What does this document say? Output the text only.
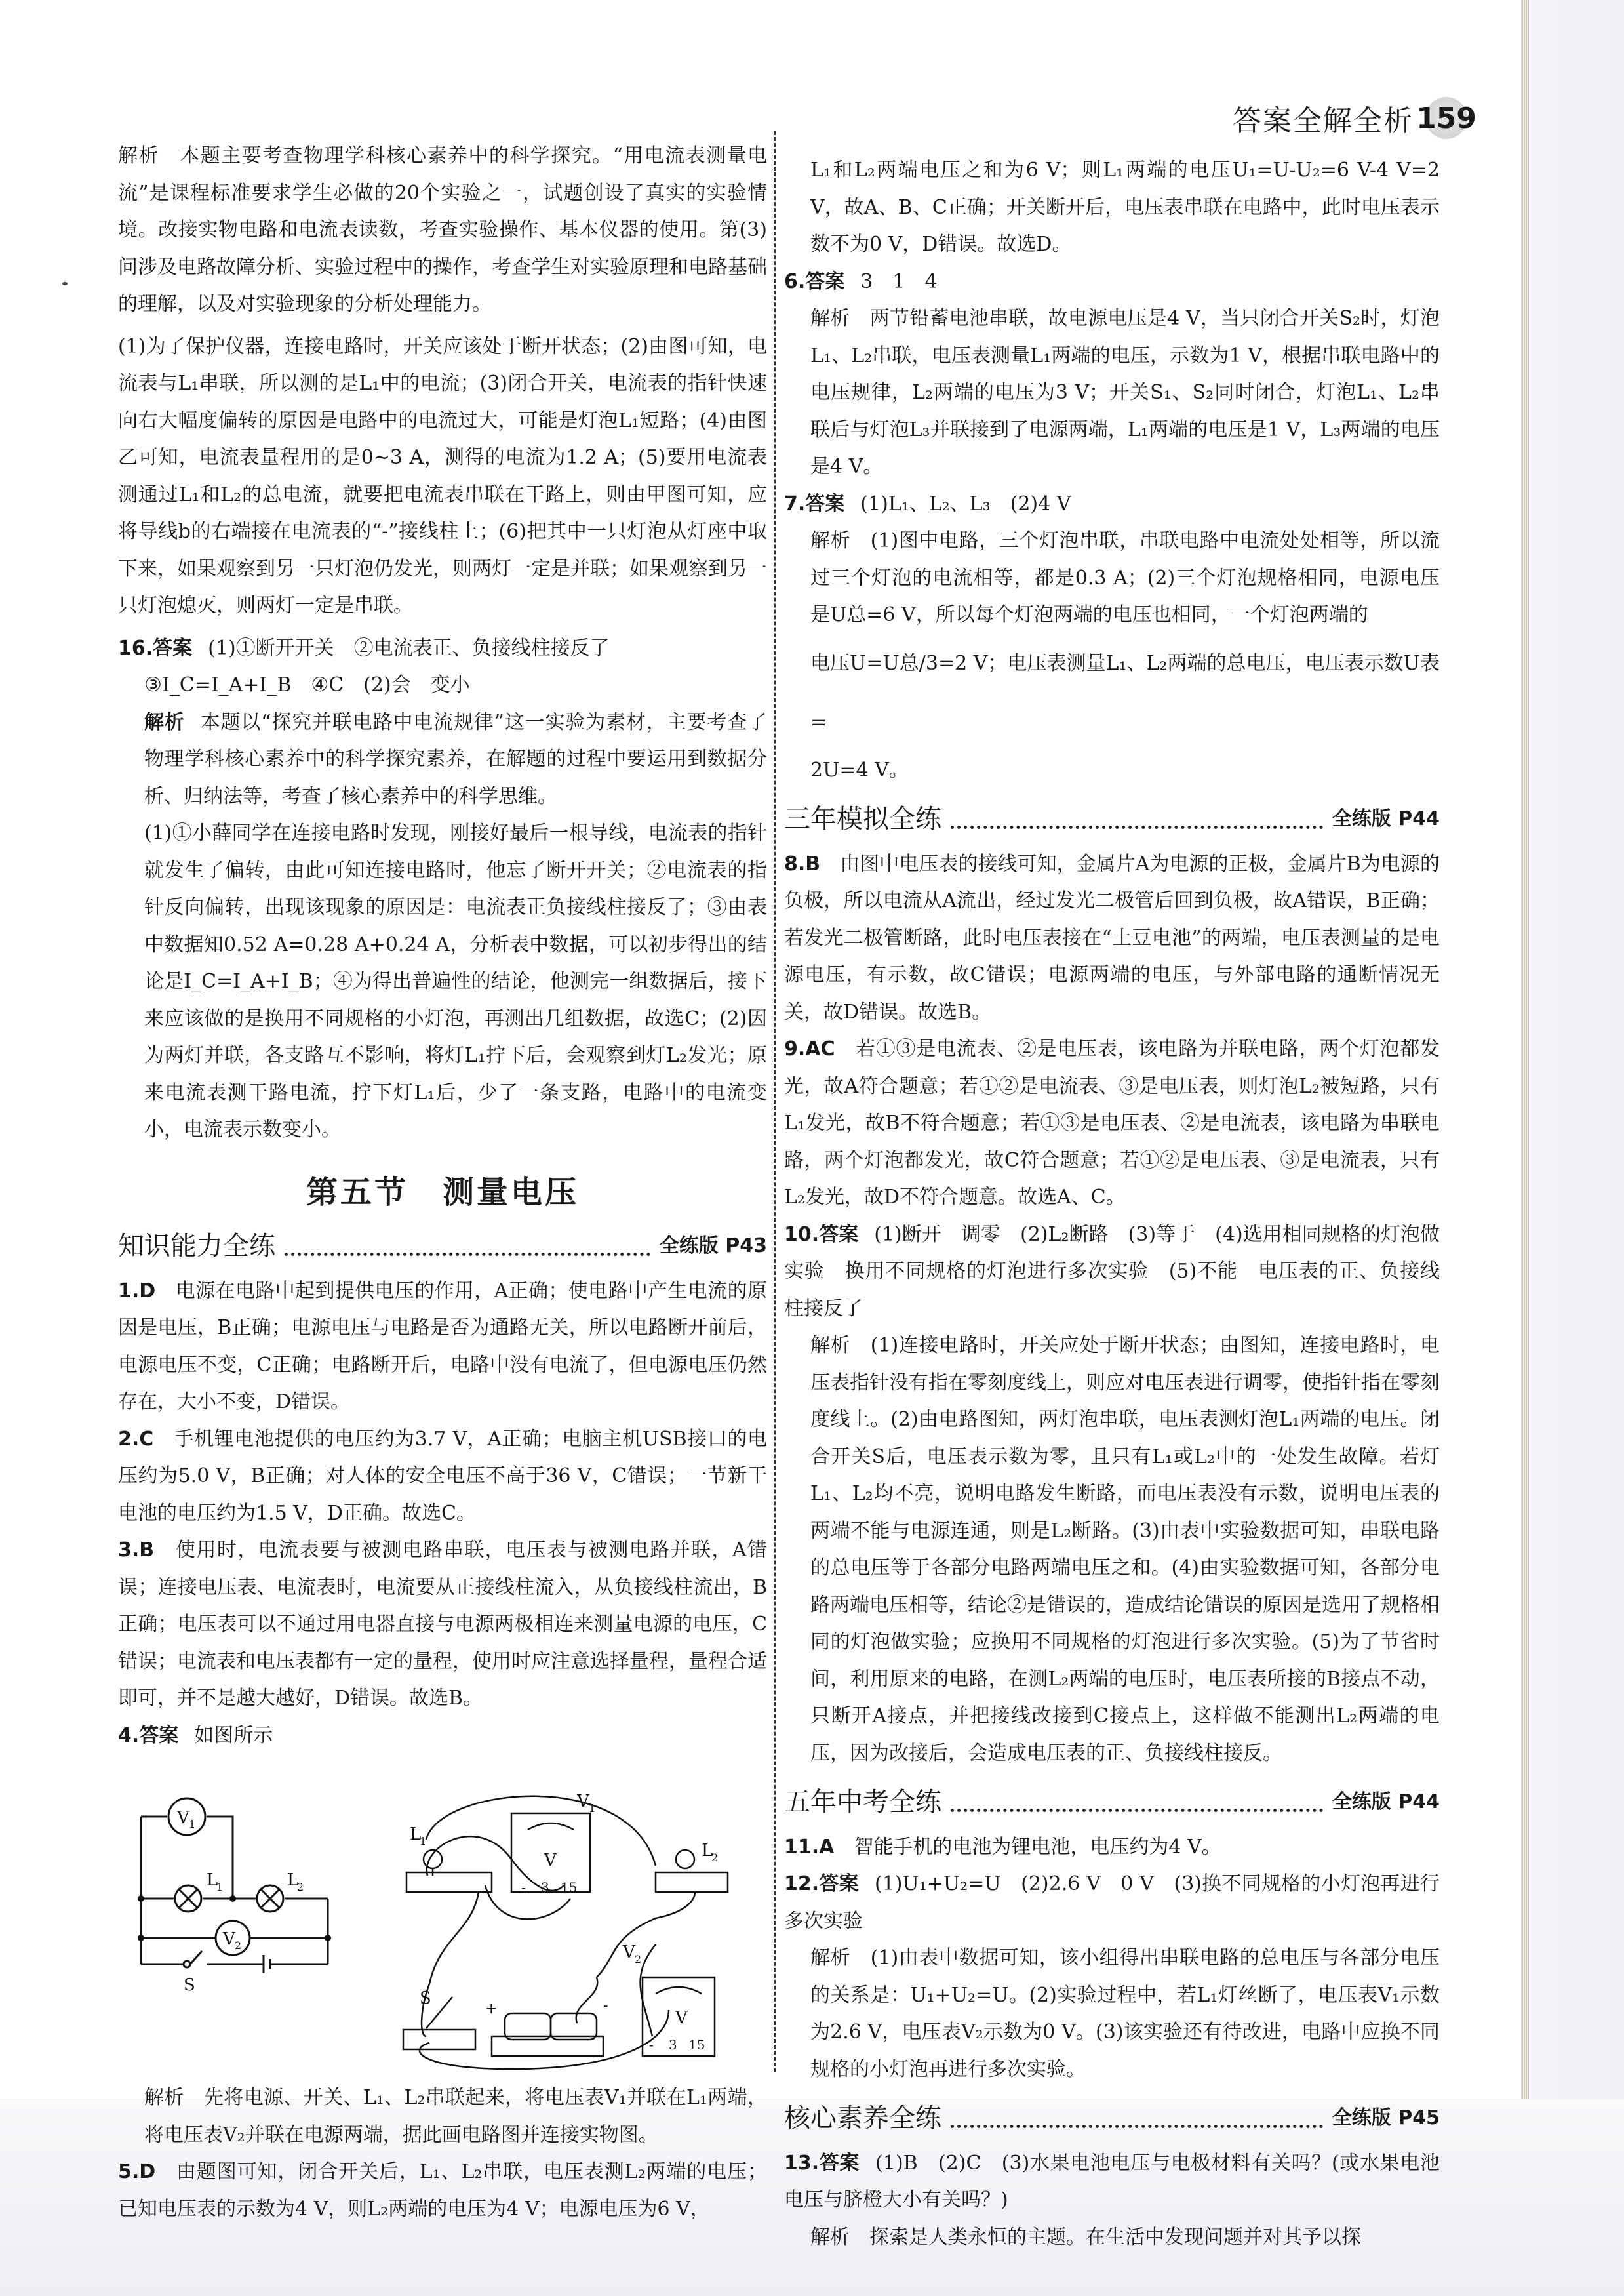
答案全解全析 159

解析　本题主要考查物理学科核心素养中的科学探究。“用电流表测量电流”是课程标准要求学生必做的20个实验之一，试题创设了真实的实验情境。改接实物电路和电流表读数，考查实验操作、基本仪器的使用。第(3)问涉及电路故障分析、实验过程中的操作，考查学生对实验原理和电路基础的理解，以及对实验现象的分析处理能力。

(1)为了保护仪器，连接电路时，开关应该处于断开状态；(2)由图可知，电流表与L₁串联，所以测的是L₁中的电流；(3)闭合开关，电流表的指针快速向右大幅度偏转的原因是电路中的电流过大，可能是灯泡L₁短路；(4)由图乙可知，电流表量程用的是0~3 A，测得的电流为1.2 A；(5)要用电流表测通过L₁和L₂的总电流，就要把电流表串联在干路上，则由甲图可知，应将导线b的右端接在电流表的“-”接线柱上；(6)把其中一只灯泡从灯座中取下来，如果观察到另一只灯泡仍发光，则两灯一定是并联；如果观察到另一只灯泡熄灭，则两灯一定是串联。

16.答案 (1)①断开开关　②电流表正、负接线柱接反了

③I_C=I_A+I_B　④C　(2)会　变小

解析 本题以“探究并联电路中电流规律”这一实验为素材，主要考查了物理学科核心素养中的科学探究素养，在解题的过程中要运用到数据分析、归纳法等，考查了核心素养中的科学思维。

(1)①小薛同学在连接电路时发现，刚接好最后一根导线，电流表的指针就发生了偏转，由此可知连接电路时，他忘了断开开关；②电流表的指针反向偏转，出现该现象的原因是：电流表正负接线柱接反了；③由表中数据知0.52 A=0.28 A+0.24 A，分析表中数据，可以初步得出的结论是I_C=I_A+I_B；④为得出普遍性的结论，他测完一组数据后，接下来应该做的是换用不同规格的小灯泡，再测出几组数据，故选C；(2)因为两灯并联，各支路互不影响，将灯L₁拧下后，会观察到灯L₂发光；原来电流表测干路电流，拧下灯L₁后，少了一条支路，电路中的电流变小，电流表示数变小。

第五节　测量电压
知识能力全练	全练版 P43

1.D　 电源在电路中起到提供电压的作用，A正确；使电路中产生电流的原因是电压，B正确；电源电压与电路是否为通路无关，所以电路断开前后，电源电压不变，C正确；电路断开后，电路中没有电流了，但电源电压仍然存在，大小不变，D错误。

2.C　 手机锂电池提供的电压约为3.7 V，A正确；电脑主机USB接口的电压约为5.0 V，B正确；对人体的安全电压不高于36 V，C错误；一节新干电池的电压约为1.5 V，D正确。故选C。

3.B　 使用时，电流表要与被测电路串联，电压表与被测电路并联，A错误；连接电压表、电流表时，电流要从正接线柱流入，从负接线柱流出，B正确；电压表可以不通过用电器直接与电源两极相连来测量电源的电压，C错误；电流表和电压表都有一定的量程，使用时应注意选择量程，量程合适即可，并不是越大越好，D错误。故选B。

4.答案 如图所示

V 1
V 2
L
1	L
2
S
V 1
L
1	L
2
V 2
S
V
V
- 3 15
- 3 15
+	-

解析　先将电源、开关、L₁、L₂串联起来，将电压表V₁并联在L₁两端，将电压表V₂并联在电源两端，据此画电路图并连接实物图。

5.D　 由题图可知，闭合开关后，L₁、L₂串联，电压表测L₂两端的电压；已知电压表的示数为4 V，则L₂两端的电压为4 V；电源电压为6 V，

L₁和L₂两端电压之和为6 V；则L₁两端的电压U₁=U-U₂=6 V-4 V=2 V，故A、B、C正确；开关断开后，电压表串联在电路中，此时电压表示数不为0 V，D错误。故选D。

6.答案 3　1　4

解析　两节铅蓄电池串联，故电源电压是4 V，当只闭合开关S₂时，灯泡L₁、L₂串联，电压表测量L₁两端的电压，示数为1 V，根据串联电路中的电压规律，L₂两端的电压为3 V；开关S₁、S₂同时闭合，灯泡L₁、L₂串联后与灯泡L₃并联接到了电源两端，L₁两端的电压是1 V，L₃两端的电压是4 V。

7.答案 (1)L₁、L₂、L₃　(2)4 V

解析　(1)图中电路，三个灯泡串联，串联电路中电流处处相等，所以流过三个灯泡的电流相等，都是0.3 A；(2)三个灯泡规格相同，电源电压是U总=6 V，所以每个灯泡两端的电压也相同，一个灯泡两端的

电压U=U总/3=2 V；电压表测量L₁、L₂两端的总电压，电压表示数U表=

2U=4 V。

三年模拟全练	全练版 P44

8.B　 由图中电压表的接线可知，金属片A为电源的正极，金属片B为电源的负极，所以电流从A流出，经过发光二极管后回到负极，故A错误，B正确；若发光二极管断路，此时电压表接在“土豆电池”的两端，电压表测量的是电源电压，有示数，故C错误；电源两端的电压，与外部电路的通断情况无关，故D错误。故选B。

9.AC　 若①③是电流表、②是电压表，该电路为并联电路，两个灯泡都发光，故A符合题意；若①②是电流表、③是电压表，则灯泡L₂被短路，只有L₁发光，故B不符合题意；若①③是电压表、②是电流表，该电路为串联电路，两个灯泡都发光，故C符合题意；若①②是电压表、③是电流表，只有L₂发光，故D不符合题意。故选A、C。

10.答案 (1)断开　调零　(2)L₂断路　(3)等于　(4)选用相同规格的灯泡做实验　换用不同规格的灯泡进行多次实验　(5)不能　电压表的正、负接线柱接反了

解析　(1)连接电路时，开关应处于断开状态；由图知，连接电路时，电压表指针没有指在零刻度线上，则应对电压表进行调零，使指针指在零刻度线上。(2)由电路图知，两灯泡串联，电压表测灯泡L₁两端的电压。闭合开关S后，电压表示数为零，且只有L₁或L₂中的一处发生故障。若灯L₁、L₂均不亮，说明电路发生断路，而电压表没有示数，说明电压表的两端不能与电源连通，则是L₂断路。(3)由表中实验数据可知，串联电路的总电压等于各部分电路两端电压之和。(4)由实验数据可知，各部分电路两端电压相等，结论②是错误的，造成结论错误的原因是选用了规格相同的灯泡做实验；应换用不同规格的灯泡进行多次实验。(5)为了节省时间，利用原来的电路，在测L₂两端的电压时，电压表所接的B接点不动，只断开A接点，并把接线改接到C接点上，这样做不能测出L₂两端的电压，因为改接后，会造成电压表的正、负接线柱接反。

五年中考全练	全练版 P44

11.A　 智能手机的电池为锂电池，电压约为4 V。

12.答案 (1)U₁+U₂=U　(2)2.6 V　0 V　(3)换不同规格的小灯泡再进行多次实验

解析　(1)由表中数据可知，该小组得出串联电路的总电压与各部分电压的关系是：U₁+U₂=U。(2)实验过程中，若L₁灯丝断了，电压表V₁示数为2.6 V，电压表V₂示数为0 V。(3)该实验还有待改进，电路中应换不同规格的小灯泡再进行多次实验。

核心素养全练	全练版 P45

13.答案 (1)B　(2)C　(3)水果电池电压与电极材料有关吗？(或水果电池电压与脐橙大小有关吗？)

解析　探索是人类永恒的主题。在生活中发现问题并对其予以探
